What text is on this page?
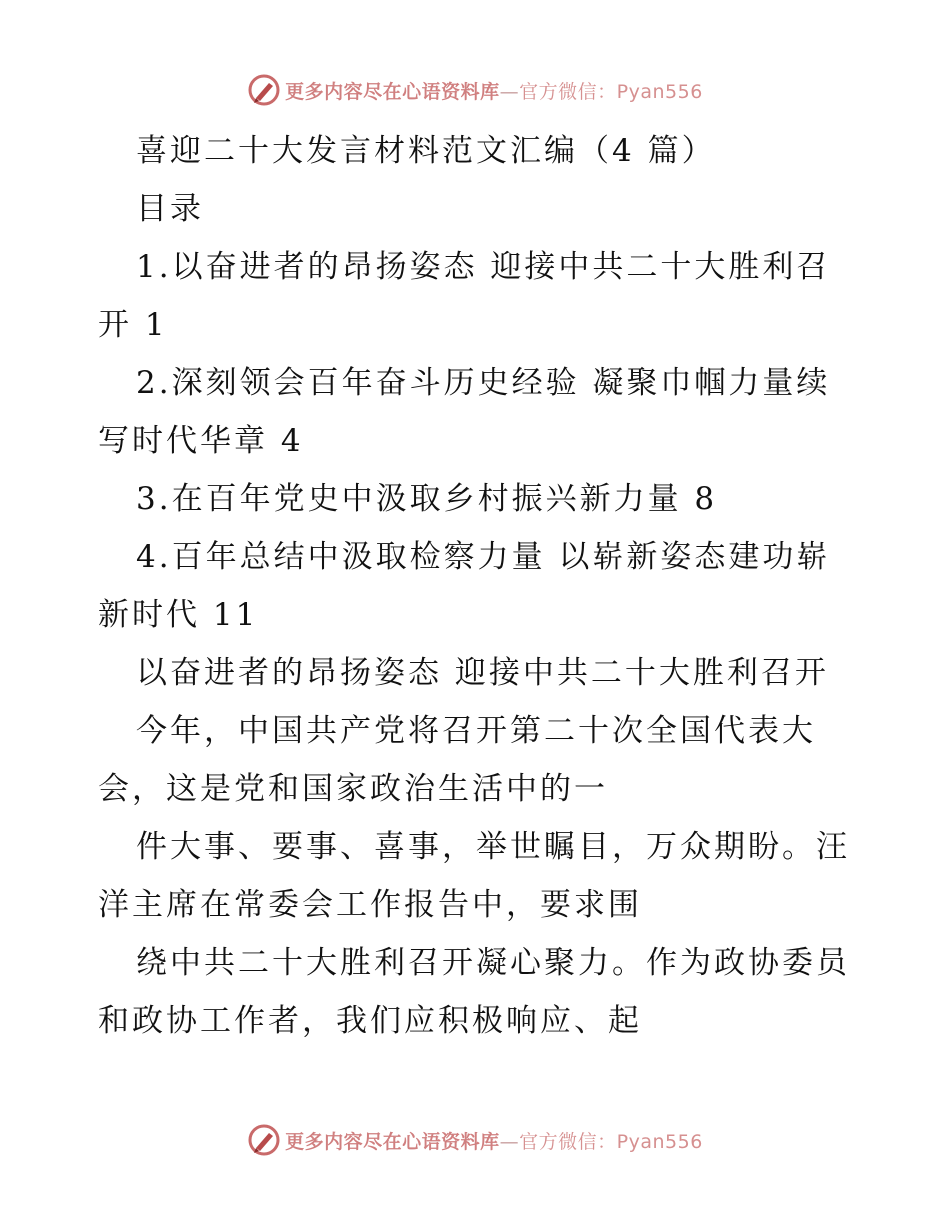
更多内容尽在心语资料库—官方微信：Pyan556
喜迎二十大发言材料范文汇编（4 篇）
目录
1.以奋进者的昂扬姿态 迎接中共二十大胜利召
开 1
2.深刻领会百年奋斗历史经验 凝聚巾帼力量续
写时代华章 4
3.在百年党史中汲取乡村振兴新力量 8
4.百年总结中汲取检察力量 以崭新姿态建功崭
新时代 11
以奋进者的昂扬姿态 迎接中共二十大胜利召开
今年，中国共产党将召开第二十次全国代表大
会，这是党和国家政治生活中的一
件大事、要事、喜事，举世瞩目，万众期盼。汪
洋主席在常委会工作报告中，要求围
绕中共二十大胜利召开凝心聚力。作为政协委员
和政协工作者，我们应积极响应、起
更多内容尽在心语资料库—官方微信：Pyan556
